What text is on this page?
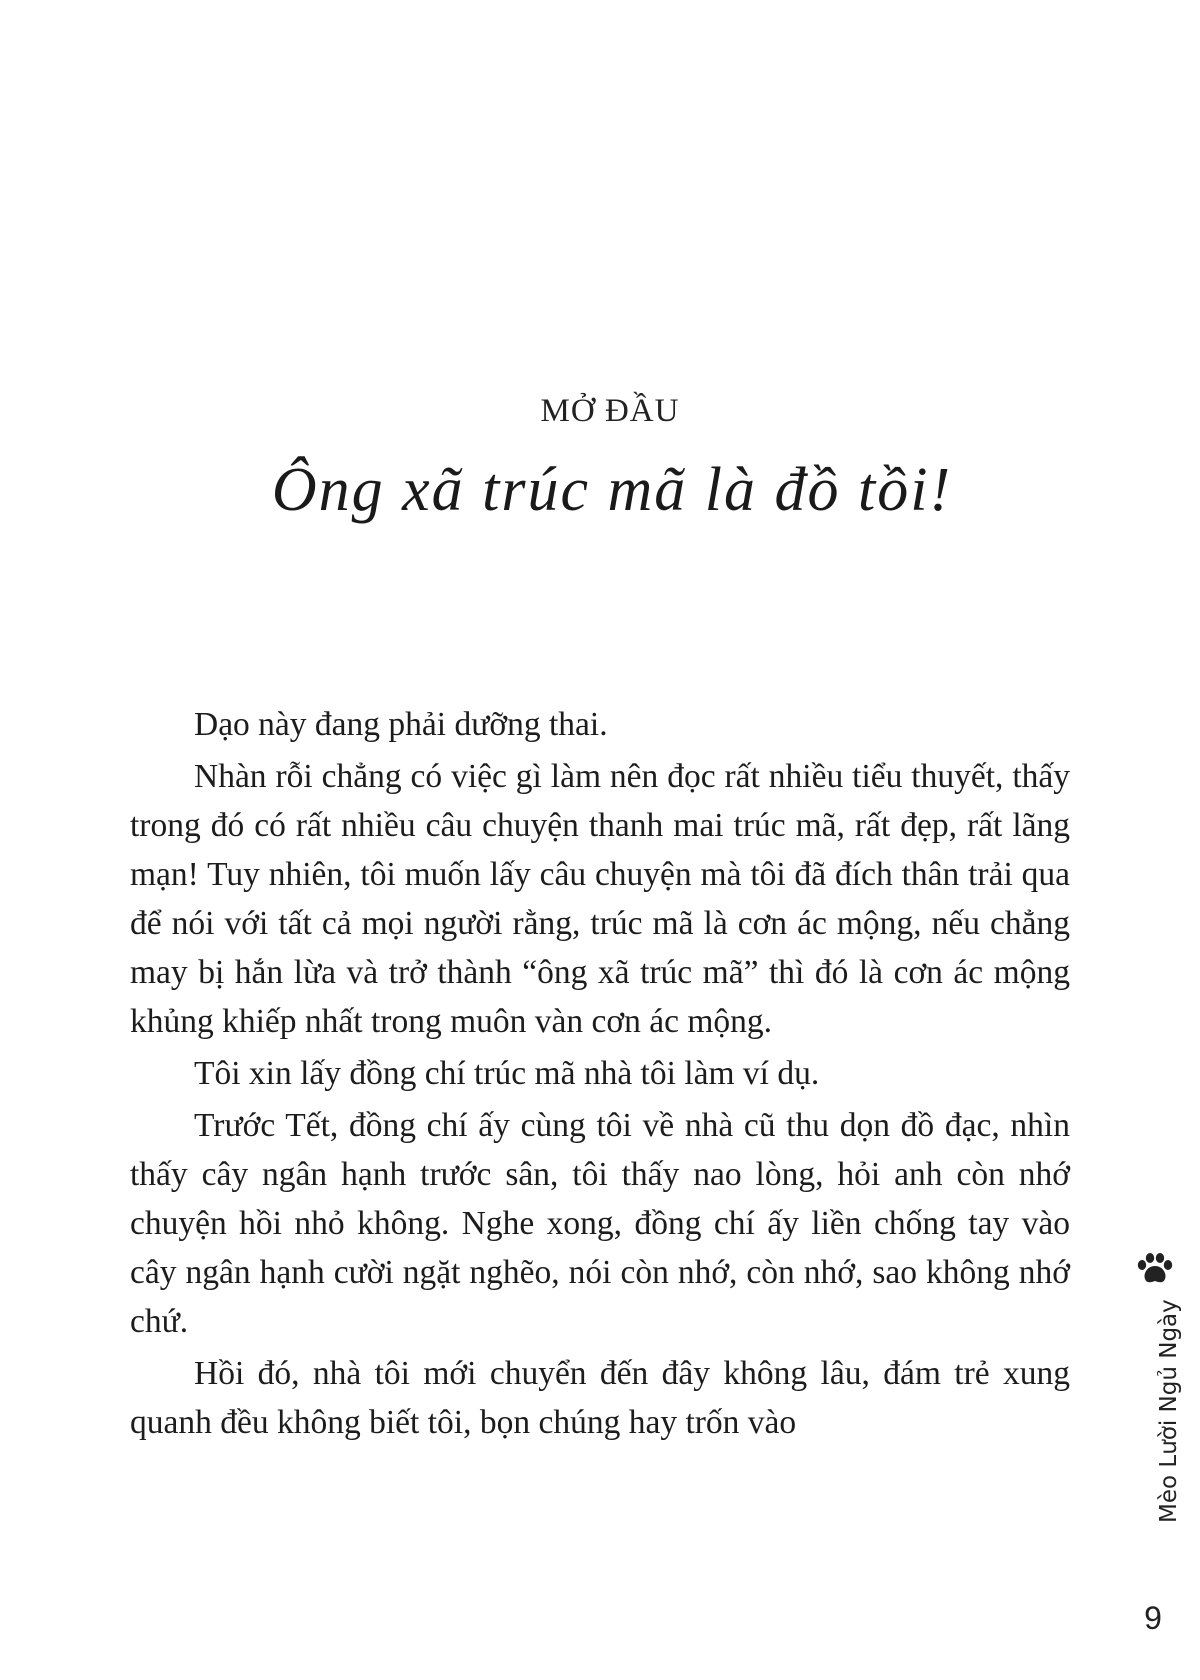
MỞ ĐẦU
Ông xã trúc mã là đồ tồi!

Dạo này đang phải dưỡng thai.

Nhàn rỗi chẳng có việc gì làm nên đọc rất nhiều tiểu thuyết, thấy trong đó có rất nhiều câu chuyện thanh mai trúc mã, rất đẹp, rất lãng mạn! Tuy nhiên, tôi muốn lấy câu chuyện mà tôi đã đích thân trải qua để nói với tất cả mọi người rằng, trúc mã là cơn ác mộng, nếu chẳng may bị hắn lừa và trở thành “ông xã trúc mã” thì đó là cơn ác mộng khủng khiếp nhất trong muôn vàn cơn ác mộng.

Tôi xin lấy đồng chí trúc mã nhà tôi làm ví dụ.

Trước Tết, đồng chí ấy cùng tôi về nhà cũ thu dọn đồ đạc, nhìn thấy cây ngân hạnh trước sân, tôi thấy nao lòng, hỏi anh còn nhớ chuyện hồi nhỏ không. Nghe xong, đồng chí ấy liền chống tay vào cây ngân hạnh cười ngặt nghẽo, nói còn nhớ, còn nhớ, sao không nhớ chứ.

Hồi đó, nhà tôi mới chuyển đến đây không lâu, đám trẻ xung quanh đều không biết tôi, bọn chúng hay trốn vào	Mèo Lười Ngủ Ngày
9
